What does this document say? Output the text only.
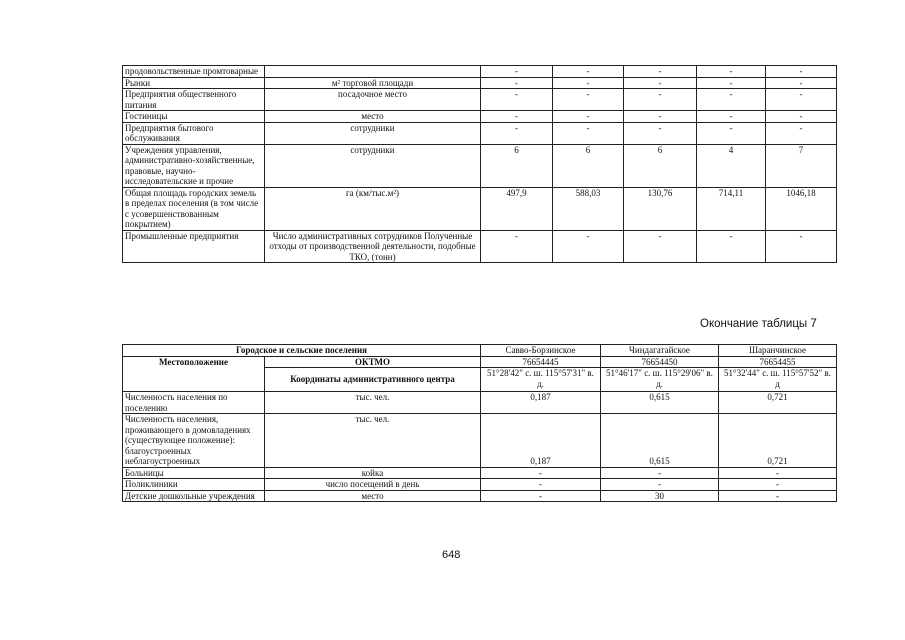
продовольственные промтоварные		-	-	-	-	-
Рынки	м² торговой площади	-	-	-	-	-
Предприятия общественного питания	посадочное место	-	-	-	-	-
Гостиницы	место	-	-	-	-	-
Предприятия бытового обслуживания	сотрудники	-	-	-	-	-
Учреждения управления, административно-хозяйственные, правовые, научно-исследовательские и прочие	сотрудники	6	6	6	4	7
Общая площадь городских земель в пределах поселения (в том числе с усовершенствованным покрытием)	га (км/тыс.м²)	497,9	588,03	130,76	714,11	1046,18
Промышленные предприятия	Число административных сотрудников Полученные отходы от производственной деятельности, подобные ТКО, (тонн)	-	-	-	-	-
Окончание таблицы 7
Городское и сельские поселения		Савво-Борзинское	Чиндагатайское	Шаранчинское
Местоположение	ОКТМО	76654445	76654450	76654455
	Координаты административного центра	51°28'42" с. ш. 115°57'31" в. д.	51°46'17" с. ш. 115°29'06" в. д.	51°32'44" с. ш. 115°57'52" в. д
Численность населения по поселению	тыс. чел.	0,187	0,615	0,721
Численность населения, проживающего в домовладениях (существующее положение): благоустроенных неблагоустроенных	тыс. чел.	0,187	0,615	0,721
Больницы	койка	-	-	-
Поликлиники	число посещений в день	-	-	-
Детские дошкольные учреждения	место	-	30	-
648
